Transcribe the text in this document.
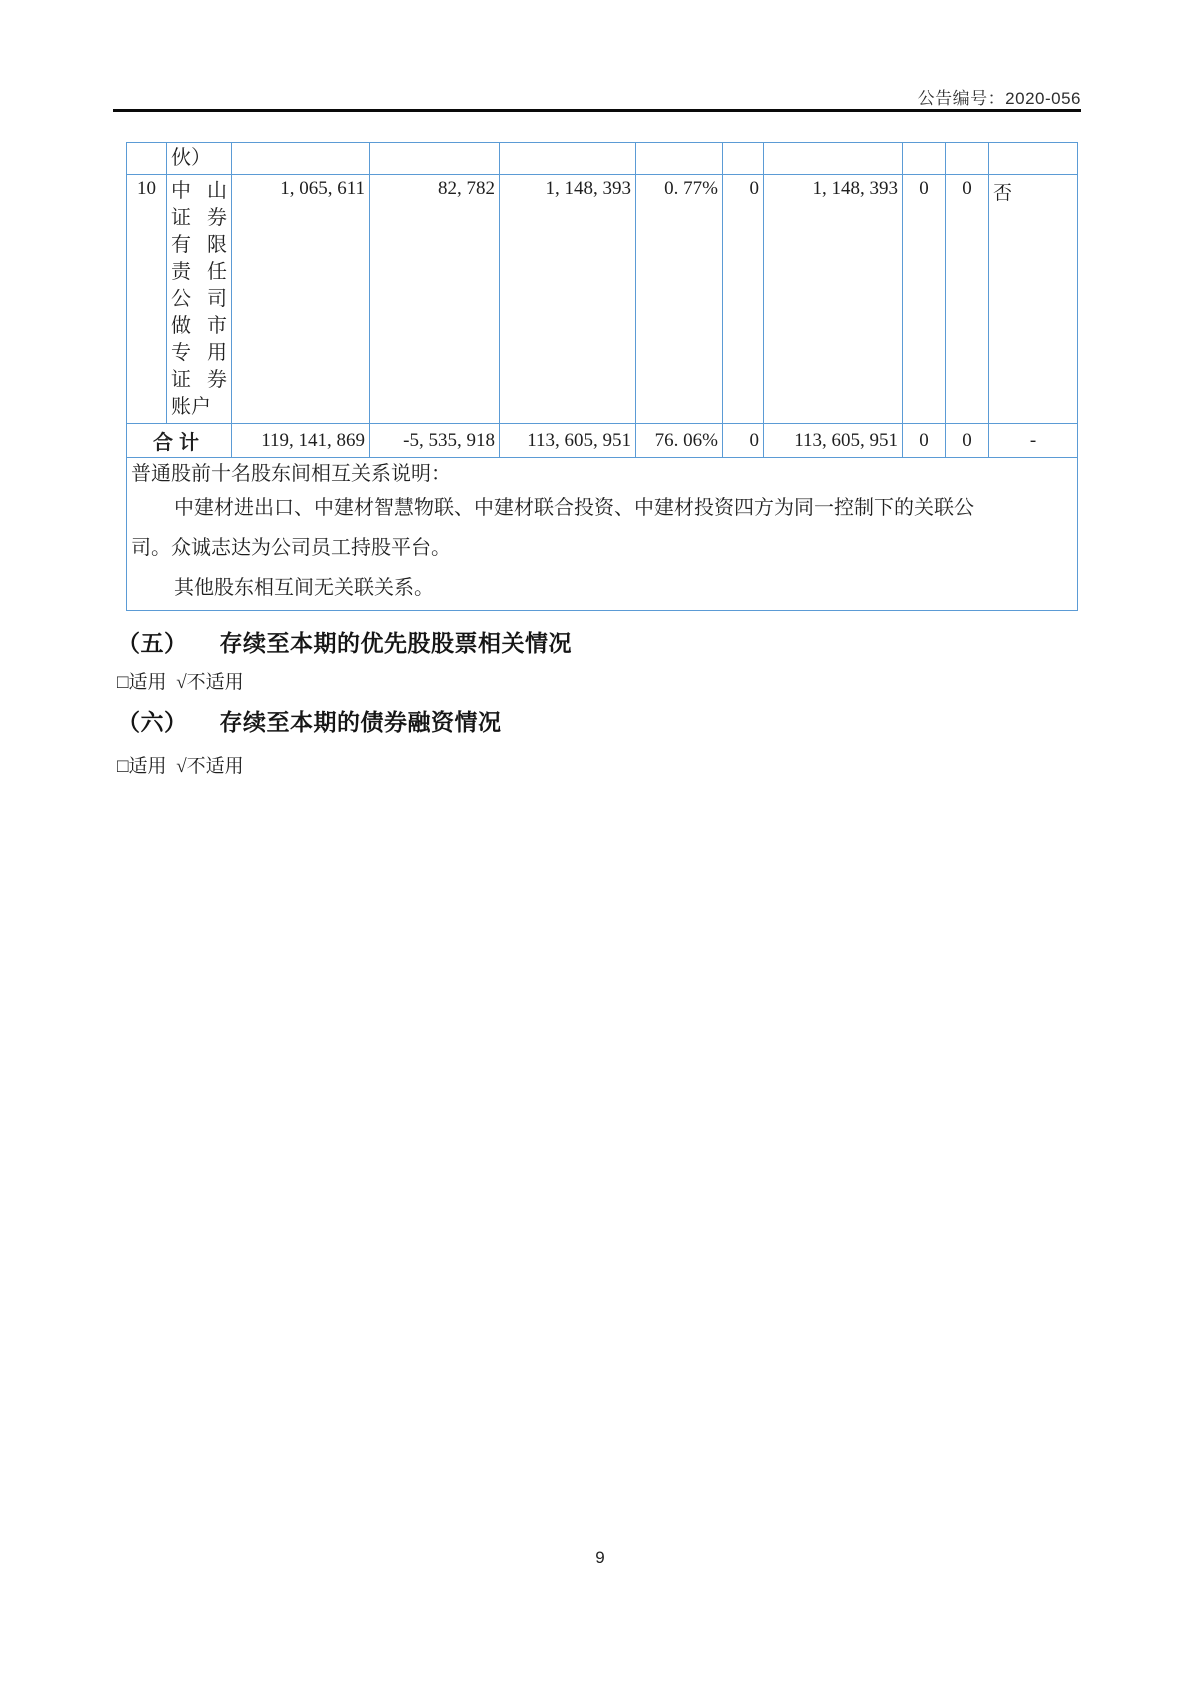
公告编号：2020-056
	伙）									
10	中山证券有限责任公司做市专用证券账户	1, 065, 611	82, 782	1, 148, 393	0. 77%	0	1, 148, 393	0	0	否
合计		119, 141, 869	-5, 535, 918	113, 605, 951	76. 06%	0	113, 605, 951	0	0	-

普通股前十名股东间相互关系说明：
中建材进出口、中建材智慧物联、中建材联合投资、中建材投资四方为同一控制下的关联公
司。众诚志达为公司员工持股平台。
其他股东相互间无关联关系。										
（五） 存续至本期的优先股股票相关情况
□适用 √不适用
（六） 存续至本期的债券融资情况
□适用 √不适用
9
